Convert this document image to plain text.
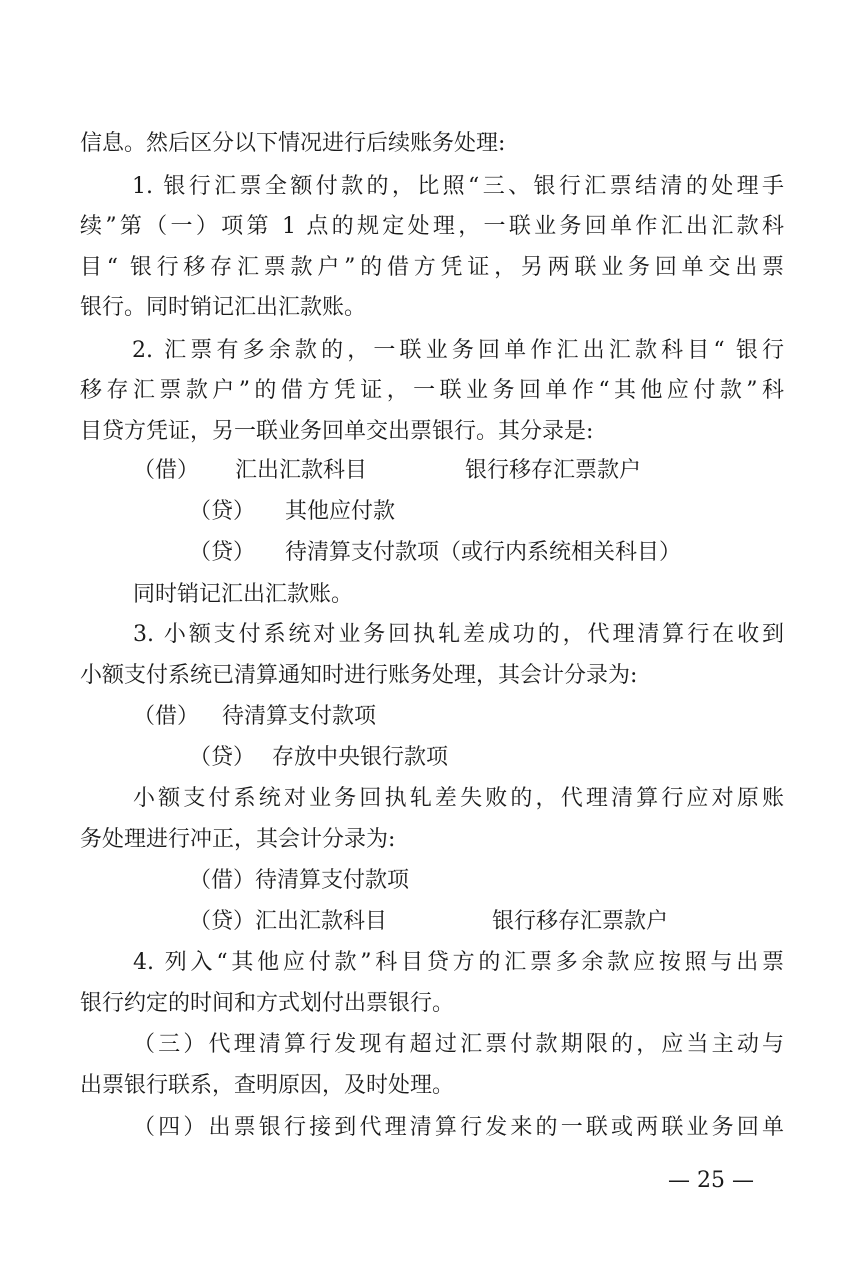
信息。然后区分以下情况进行后续账务处理:
1. 银行汇票全额付款的，比照“三、银行汇票结清的处理手
续”第（一）项第 1 点的规定处理，一联业务回单作汇出汇款科
目“ 银行移存汇票款户”的借方凭证，另两联业务回单交出票
银行。同时销记汇出汇款账。
2. 汇票有多余款的，一联业务回单作汇出汇款科目“ 银行
移存汇票款户”的借方凭证，一联业务回单作“其他应付款”科
目贷方凭证，另一联业务回单交出票银行。其分录是:
（借） 汇出汇款科目	银行移存汇票款户
（贷） 其他应付款
（贷） 待清算支付款项（或行内系统相关科目）
同时销记汇出汇款账。
3. 小额支付系统对业务回执轧差成功的，代理清算行在收到
小额支付系统已清算通知时进行账务处理，其会计分录为:
（借） 待清算支付款项
（贷） 存放中央银行款项
小额支付系统对业务回执轧差失败的，代理清算行应对原账
务处理进行冲正，其会计分录为:
（借）待清算支付款项
（贷）汇出汇款科目	银行移存汇票款户
4. 列入“其他应付款”科目贷方的汇票多余款应按照与出票
银行约定的时间和方式划付出票银行。
（三）代理清算行发现有超过汇票付款期限的，应当主动与
出票银行联系，查明原因，及时处理。
（四）出票银行接到代理清算行发来的一联或两联业务回单
— 25 —
